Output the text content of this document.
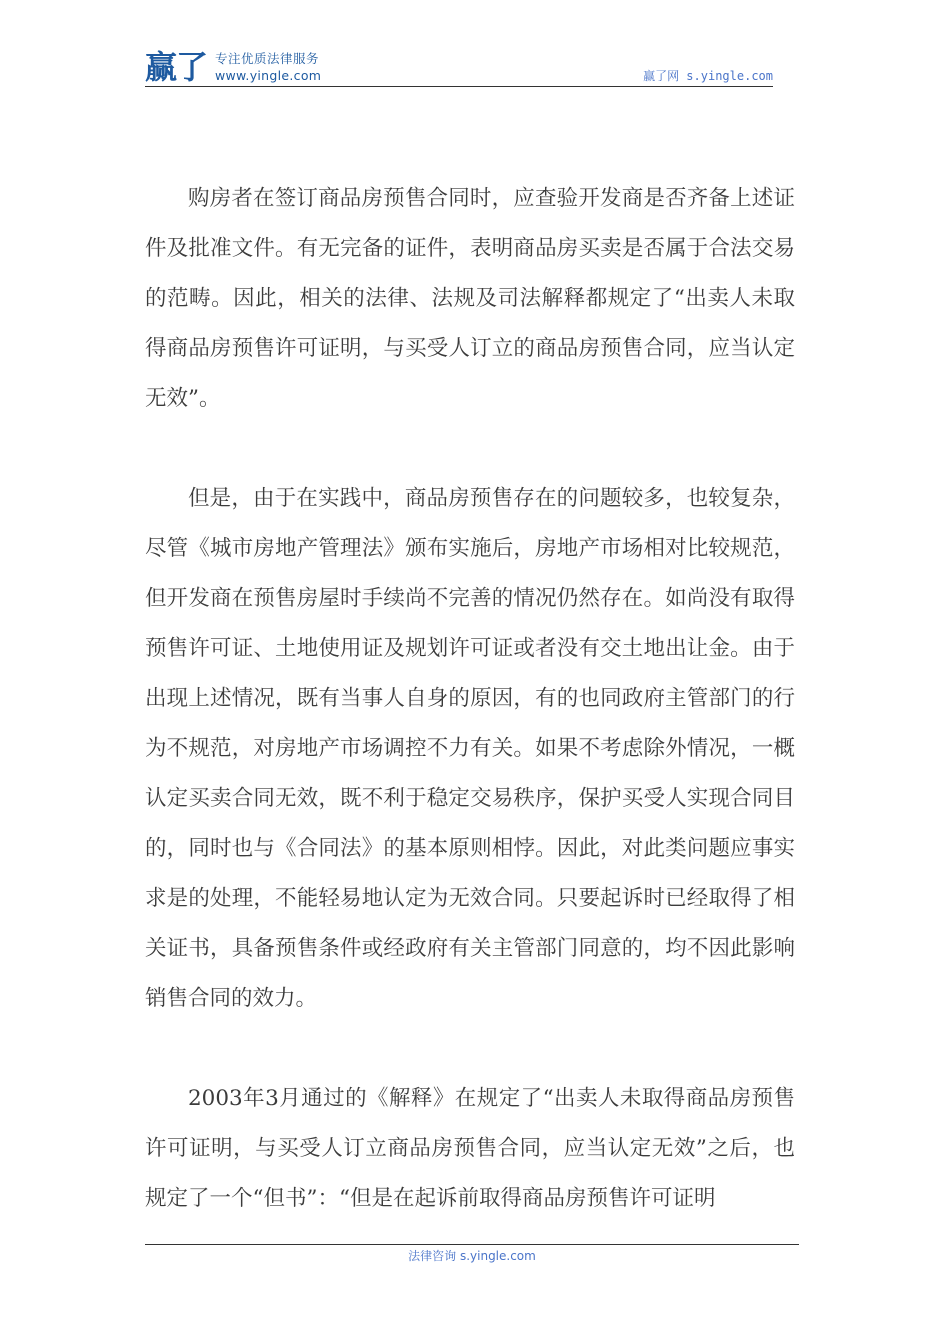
赢了 专注优质法律服务
www.yingle.com	赢了网 s.yingle.com

购房者在签订商品房预售合同时，应查验开发商是否齐备上述证件及批准文件。有无完备的证件，表明商品房买卖是否属于合法交易的范畴。因此，相关的法律、法规及司法解释都规定了“出卖人未取得商品房预售许可证明，与买受人订立的商品房预售合同，应当认定无效”。

但是，由于在实践中，商品房预售存在的问题较多，也较复杂，尽管《城市房地产管理法》颁布实施后，房地产市场相对比较规范，但开发商在预售房屋时手续尚不完善的情况仍然存在。如尚没有取得预售许可证、土地使用证及规划许可证或者没有交土地出让金。由于出现上述情况，既有当事人自身的原因，有的也同政府主管部门的行为不规范，对房地产市场调控不力有关。如果不考虑除外情况，一概认定买卖合同无效，既不利于稳定交易秩序，保护买受人实现合同目的，同时也与《合同法》的基本原则相悖。因此，对此类问题应事实求是的处理，不能轻易地认定为无效合同。只要起诉时已经取得了相关证书，具备预售条件或经政府有关主管部门同意的，均不因此影响销售合同的效力。

2003年3月通过的《解释》在规定了“出卖人未取得商品房预售许可证明，与买受人订立商品房预售合同，应当认定无效”之后，也规定了一个“但书”：“但是在起诉前取得商品房预售许可证明

法律咨询 s.yingle.com
